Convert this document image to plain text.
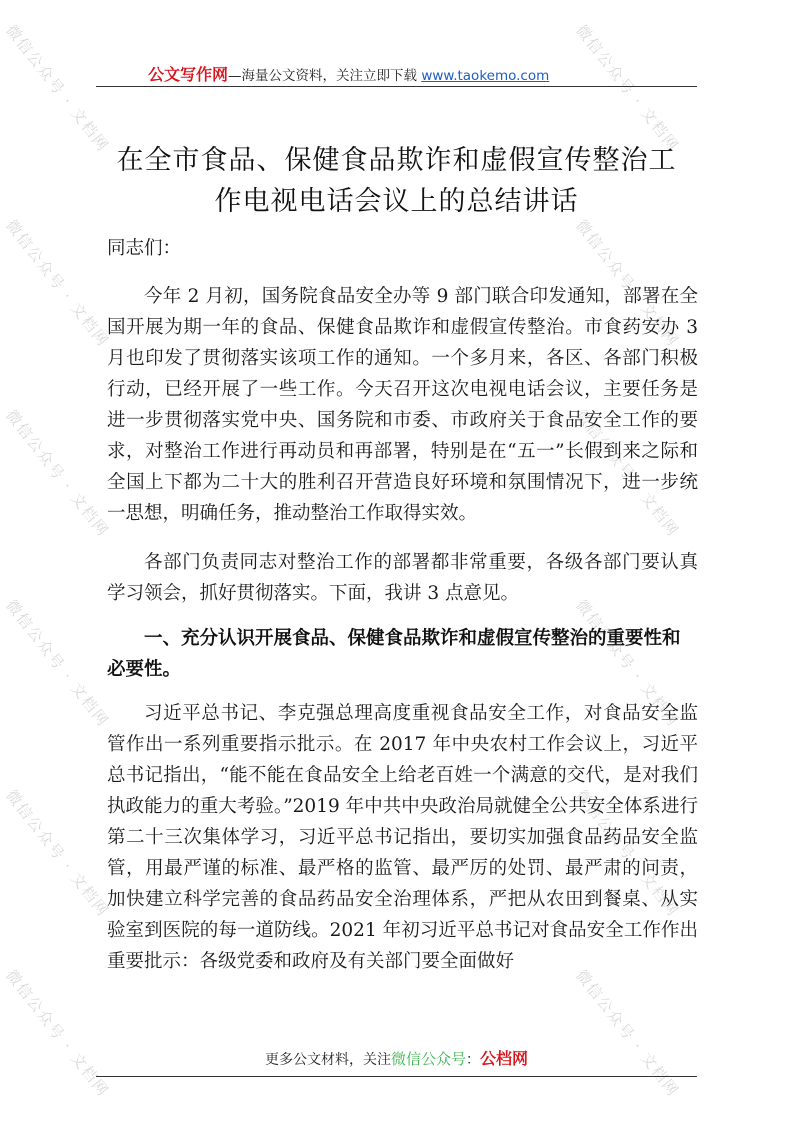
微信公众号 · 文档网	微信公众号 · 文档网
微信公众号 · 文档网	微信公众号 · 文档网
微信公众号 · 文档网	微信公众号 · 文档网
微信公众号 · 文档网	微信公众号 · 文档网
微信公众号 · 文档网	微信公众号 · 文档网
微信公众号 · 文档网	微信公众号 · 文档网
公文写作网—海量公文资料，关注立即下载 www.taokemo.com
在全市食品、保健食品欺诈和虚假宣传整治工
作电视电话会议上的总结讲话
同志们：
今年 2 月初，国务院食品安全办等 9 部门联合印发通知，部署在全国开展为期一年的食品、保健食品欺诈和虚假宣传整治。市食药安办 3 月也印发了贯彻落实该项工作的通知。一个多月来，各区、各部门积极行动，已经开展了一些工作。今天召开这次电视电话会议，主要任务是进一步贯彻落实党中央、国务院和市委、市政府关于食品安全工作的要求，对整治工作进行再动员和再部署，特别是在“五一”长假到来之际和全国上下都为二十大的胜利召开营造良好环境和氛围情况下，进一步统一思想，明确任务，推动整治工作取得实效。
各部门负责同志对整治工作的部署都非常重要，各级各部门要认真学习领会，抓好贯彻落实。下面，我讲 3 点意见。
一、充分认识开展食品、保健食品欺诈和虚假宣传整治的重要性和必要性。
习近平总书记、李克强总理高度重视食品安全工作，对食品安全监管作出一系列重要指示批示。在 2017 年中央农村工作会议上，习近平总书记指出，“能不能在食品安全上给老百姓一个满意的交代，是对我们执政能力的重大考验。”2019 年中共中央政治局就健全公共安全体系进行第二十三次集体学习，习近平总书记指出，要切实加强食品药品安全监管，用最严谨的标准、最严格的监管、最严厉的处罚、最严肃的问责，加快建立科学完善的食品药品安全治理体系，严把从农田到餐桌、从实验室到医院的每一道防线。2021 年初习近平总书记对食品安全工作作出重要批示：各级党委和政府及有关部门要全面做好
更多公文材料，关注微信公众号：公档网
